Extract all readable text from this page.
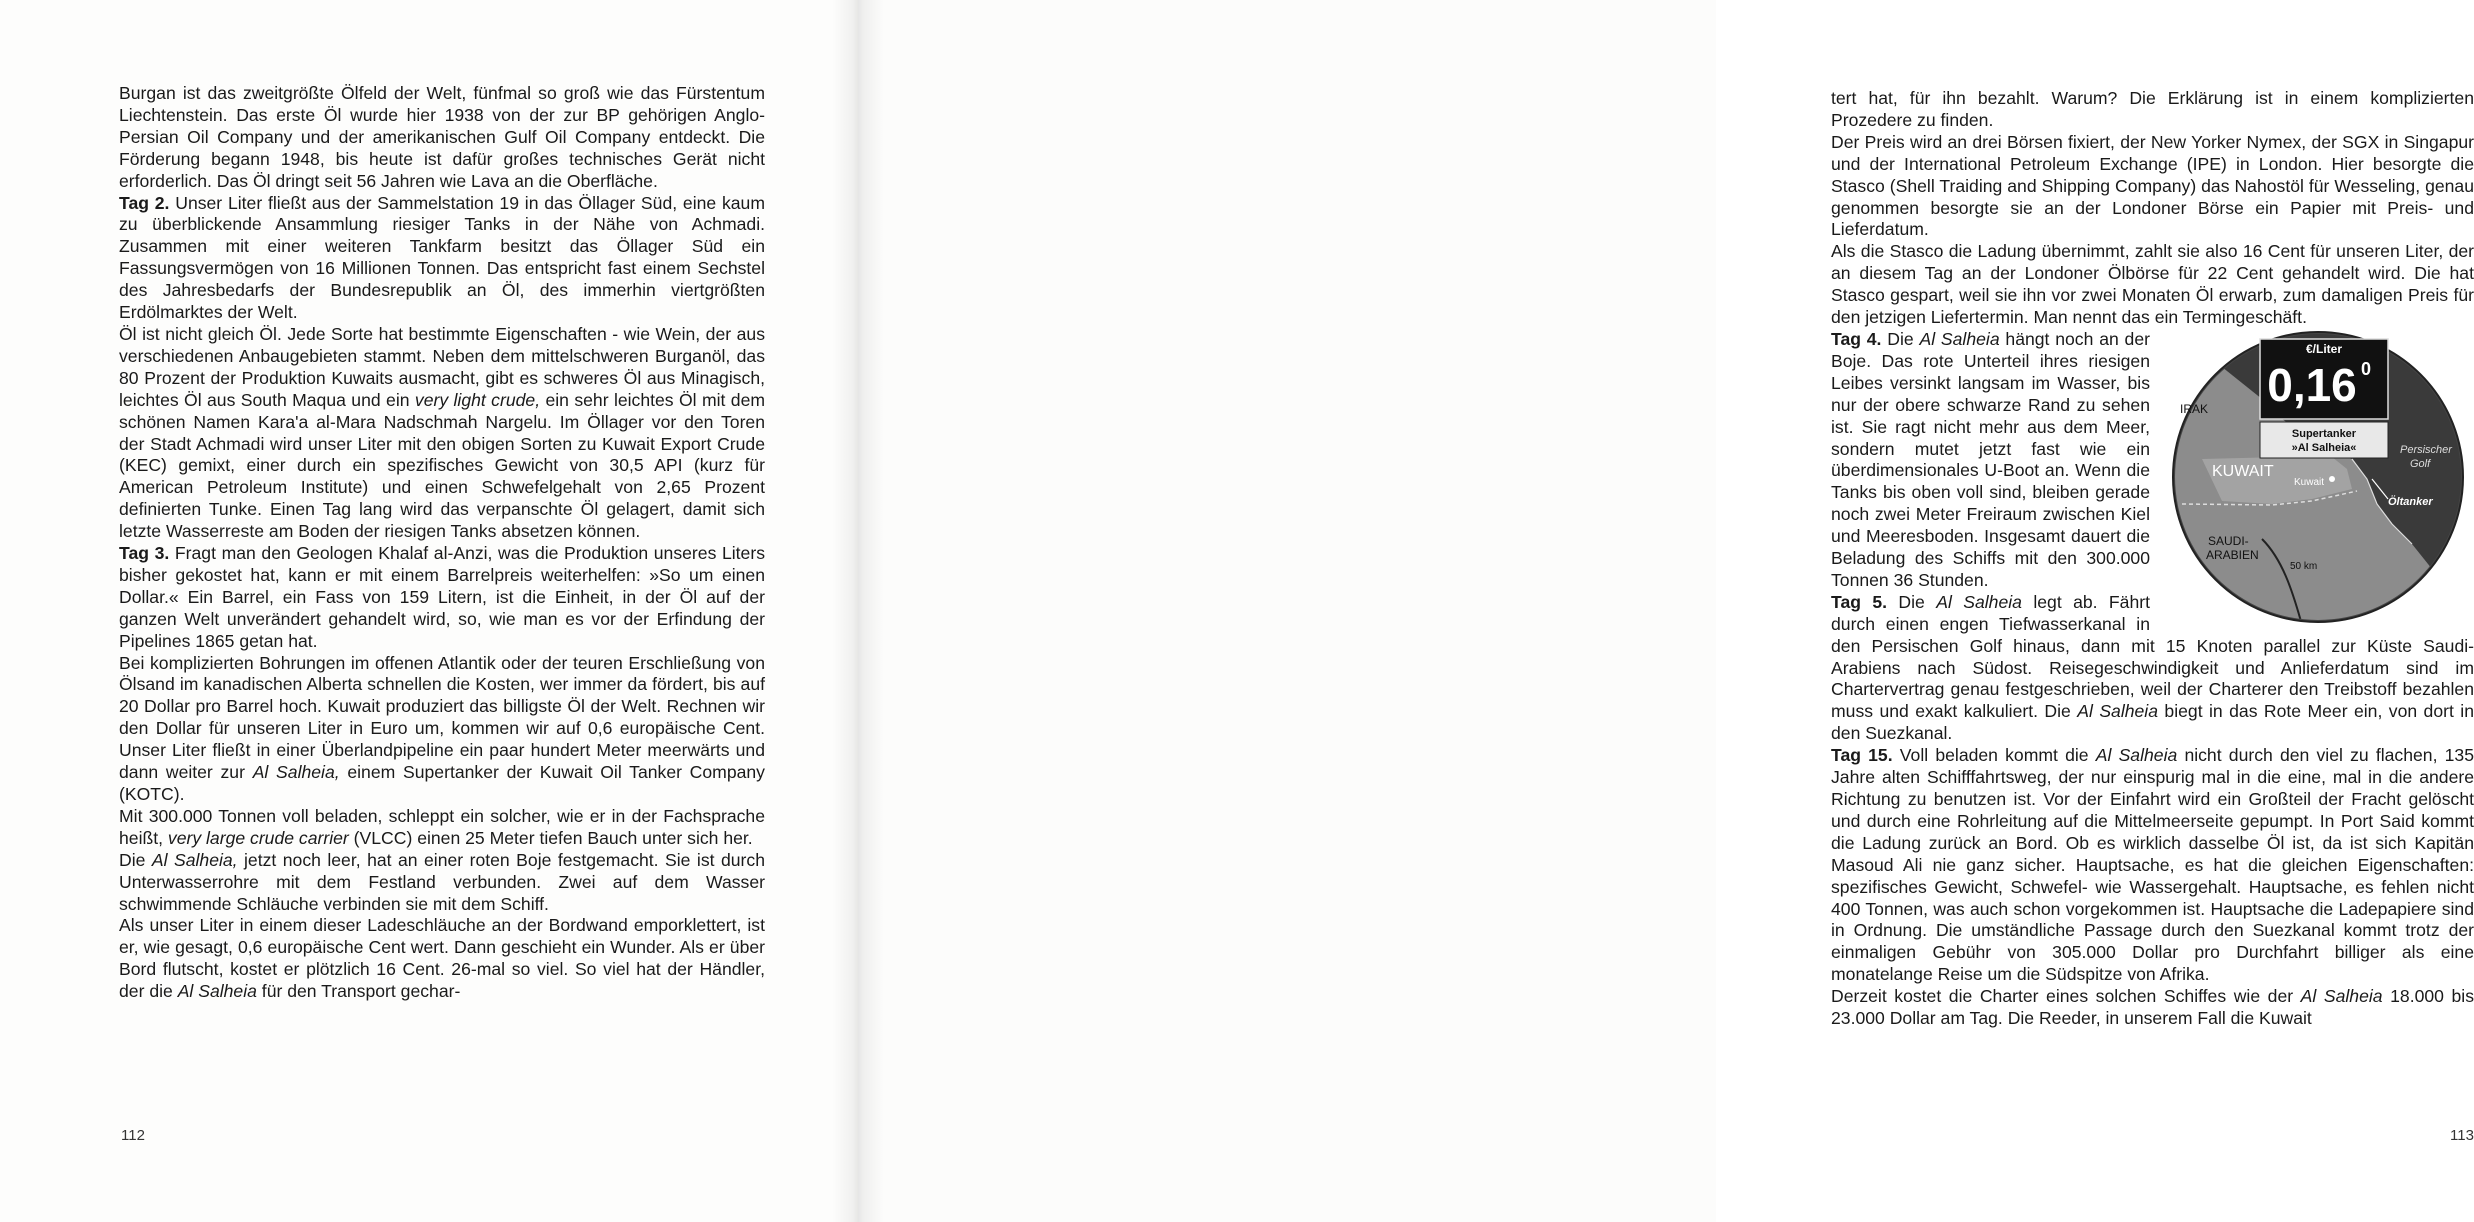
Burgan ist das zweitgrößte Ölfeld der Welt, fünfmal so groß wie das Fürstentum Liechtenstein. Das erste Öl wurde hier 1938 von der zur BP gehörigen Anglo-Persian Oil Company und der amerikanischen Gulf Oil Company entdeckt. Die Förderung begann 1948, bis heute ist dafür großes technisches Gerät nicht erforderlich. Das Öl dringt seit 56 Jahren wie Lava an die Oberfläche.

Tag 2. Unser Liter fließt aus der Sammelstation 19 in das Öllager Süd, eine kaum zu überblickende Ansammlung riesiger Tanks in der Nähe von Achmadi. Zusammen mit einer weiteren Tankfarm besitzt das Öllager Süd ein Fassungsvermögen von 16 Millionen Tonnen. Das entspricht fast einem Sechstel des Jahresbedarfs der Bundesrepublik an Öl, des immerhin viertgrößten Erdölmarktes der Welt.

Öl ist nicht gleich Öl. Jede Sorte hat bestimmte Eigenschaften - wie Wein, der aus verschiedenen Anbaugebieten stammt. Neben dem mittelschweren Burganöl, das 80 Prozent der Produktion Kuwaits ausmacht, gibt es schweres Öl aus Minagisch, leichtes Öl aus South Maqua und ein very light crude, ein sehr leichtes Öl mit dem schönen Namen Kara'a al-Mara Nadschmah Nargelu. Im Öllager vor den Toren der Stadt Achmadi wird unser Liter mit den obigen Sorten zu Kuwait Export Crude (KEC) gemixt, einer durch ein spezifisches Gewicht von 30,5 API (kurz für American Petroleum Institute) und einen Schwefelgehalt von 2,65 Prozent definierten Tunke. Einen Tag lang wird das verpanschte Öl gelagert, damit sich letzte Wasserreste am Boden der riesigen Tanks absetzen können.

Tag 3. Fragt man den Geologen Khalaf al-Anzi, was die Produktion unseres Liters bisher gekostet hat, kann er mit einem Barrelpreis weiterhelfen: »So um einen Dollar.« Ein Barrel, ein Fass von 159 Litern, ist die Einheit, in der Öl auf der ganzen Welt unverändert gehandelt wird, so, wie man es vor der Erfindung der Pipelines 1865 getan hat.

Bei komplizierten Bohrungen im offenen Atlantik oder der teuren Erschließung von Ölsand im kanadischen Alberta schnellen die Kosten, wer immer da fördert, bis auf 20 Dollar pro Barrel hoch. Kuwait produziert das billigste Öl der Welt. Rechnen wir den Dollar für unseren Liter in Euro um, kommen wir auf 0,6 europäische Cent. Unser Liter fließt in einer Überlandpipeline ein paar hundert Meter meerwärts und dann weiter zur Al Salheia, einem Supertanker der Kuwait Oil Tanker Company (KOTC).

Mit 300.000 Tonnen voll beladen, schleppt ein solcher, wie er in der Fachsprache heißt, very large crude carrier (VLCC) einen 25 Meter tiefen Bauch unter sich her.

Die Al Salheia, jetzt noch leer, hat an einer roten Boje festgemacht. Sie ist durch Unterwasserrohre mit dem Festland verbunden. Zwei auf dem Wasser schwimmende Schläuche verbinden sie mit dem Schiff.

Als unser Liter in einem dieser Ladeschläuche an der Bordwand emporklettert, ist er, wie gesagt, 0,6 europäische Cent wert. Dann geschieht ein Wunder. Als er über Bord flutscht, kostet er plötzlich 16 Cent. 26-mal so viel. So viel hat der Händler, der die Al Salheia für den Transport gechar-

112

tert hat, für ihn bezahlt. Warum? Die Erklärung ist in einem komplizierten Prozedere zu finden.

Der Preis wird an drei Börsen fixiert, der New Yorker Nymex, der SGX in Singapur und der International Petroleum Exchange (IPE) in London. Hier besorgte die Stasco (Shell Traiding and Shipping Company) das Nahostöl für Wesseling, genau genommen besorgte sie an der Londoner Börse ein Papier mit Preis- und Lieferdatum.

Als die Stasco die Ladung übernimmt, zahlt sie also 16 Cent für unseren Liter, der an diesem Tag an der Londoner Ölbörse für 22 Cent gehandelt wird. Die hat Stasco gespart, weil sie ihn vor zwei Monaten Öl erwarb, zum damaligen Preis für den jetzigen Liefertermin. Man nennt das ein Termingeschäft.

€/Liter
0,16 0
Supertanker
»Al Salheia«
IRAK
KUWAIT
Kuwait
Persischer
Golf
Öltanker
SAUDI-
ARABIEN
50 km

Tag 4. Die Al Salheia hängt noch an der Boje. Das rote Unterteil ihres riesigen Leibes versinkt langsam im Wasser, bis nur der obere schwarze Rand zu sehen ist. Sie ragt nicht mehr aus dem Meer, sondern mutet jetzt fast wie ein überdimensionales U-Boot an. Wenn die Tanks bis oben voll sind, bleiben gerade noch zwei Meter Freiraum zwischen Kiel und Meeresboden. Insgesamt dauert die Beladung des Schiffs mit den 300.000 Tonnen 36 Stunden.

Tag 5. Die Al Salheia legt ab. Fährt durch einen engen Tiefwasserkanal in den Persischen Golf hinaus, dann mit 15 Knoten parallel zur Küste Saudi-Arabiens nach Südost. Reisegeschwindigkeit und Anlieferdatum sind im Chartervertrag genau festgeschrieben, weil der Charterer den Treibstoff bezahlen muss und exakt kalkuliert. Die Al Salheia biegt in das Rote Meer ein, von dort in den Suezkanal.

Tag 15. Voll beladen kommt die Al Salheia nicht durch den viel zu flachen, 135 Jahre alten Schifffahrtsweg, der nur einspurig mal in die eine, mal in die andere Richtung zu benutzen ist. Vor der Einfahrt wird ein Großteil der Fracht gelöscht und durch eine Rohrleitung auf die Mittelmeerseite gepumpt. In Port Said kommt die Ladung zurück an Bord. Ob es wirklich dasselbe Öl ist, da ist sich Kapitän Masoud Ali nie ganz sicher. Hauptsache, es hat die gleichen Eigenschaften: spezifisches Gewicht, Schwefel- wie Wassergehalt. Hauptsache, es fehlen nicht 400 Tonnen, was auch schon vorgekommen ist. Hauptsache die Ladepapiere sind in Ordnung. Die umständliche Passage durch den Suezkanal kommt trotz der einmaligen Gebühr von 305.000 Dollar pro Durchfahrt billiger als eine monatelange Reise um die Südspitze von Afrika.

Derzeit kostet die Charter eines solchen Schiffes wie der Al Salheia 18.000 bis 23.000 Dollar am Tag. Die Reeder, in unserem Fall die Kuwait

113
